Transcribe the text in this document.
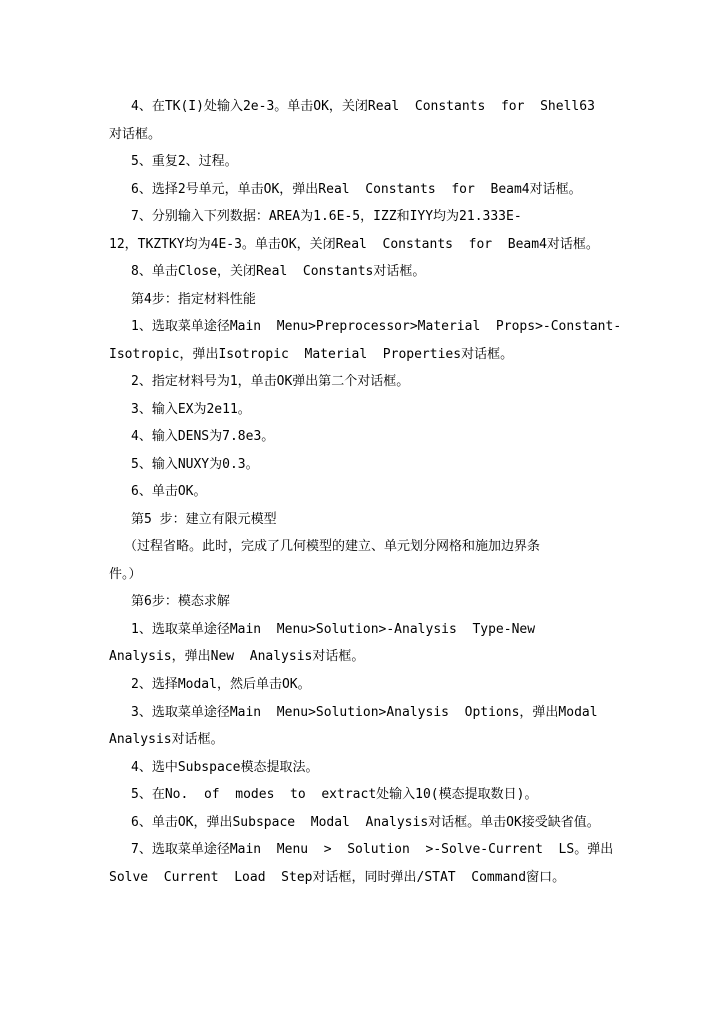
4、在TK(I)处输入2e-3。单击OK，关闭Real  Constants  for  Shell63

对话框。

5、重复2、过程。

6、选择2号单元，单击OK，弹出Real  Constants  for  Beam4对话框。

7、分别输入下列数据：AREA为1.6E-5，IZZ和IYY均为21.333E-

12，TKZTKY均为4E-3。单击OK，关闭Real  Constants  for  Beam4对话框。

8、单击Close，关闭Real  Constants对话框。

第4步：指定材料性能

1、选取菜单途径Main  Menu>Preprocessor>Material  Props>-Constant-

Isotropic，弹出Isotropic  Material  Properties对话框。

2、指定材料号为1，单击OK弹出第二个对话框。

3、输入EX为2e11。

4、输入DENS为7.8e3。

5、输入NUXY为0.3。

6、单击OK。

第5 步：建立有限元模型

（过程省略。此时，完成了几何模型的建立、单元划分网格和施加边界条

件。）

第6步：模态求解

1、选取菜单途径Main  Menu>Solution>-Analysis  Type-New

Analysis，弹出New  Analysis对话框。

2、选择Modal，然后单击OK。

3、选取菜单途径Main  Menu>Solution>Analysis  Options，弹出Modal

Analysis对话框。

4、选中Subspace模态提取法。

5、在No.  of  modes  to  extract处输入10(模态提取数日)。

6、单击OK，弹出Subspace  Modal  Analysis对话框。单击OK接受缺省值。

7、选取菜单途径Main  Menu  >  Solution  >-Solve-Current  LS。弹出

Solve  Current  Load  Step对话框，同时弹出/STAT  Command窗口。
